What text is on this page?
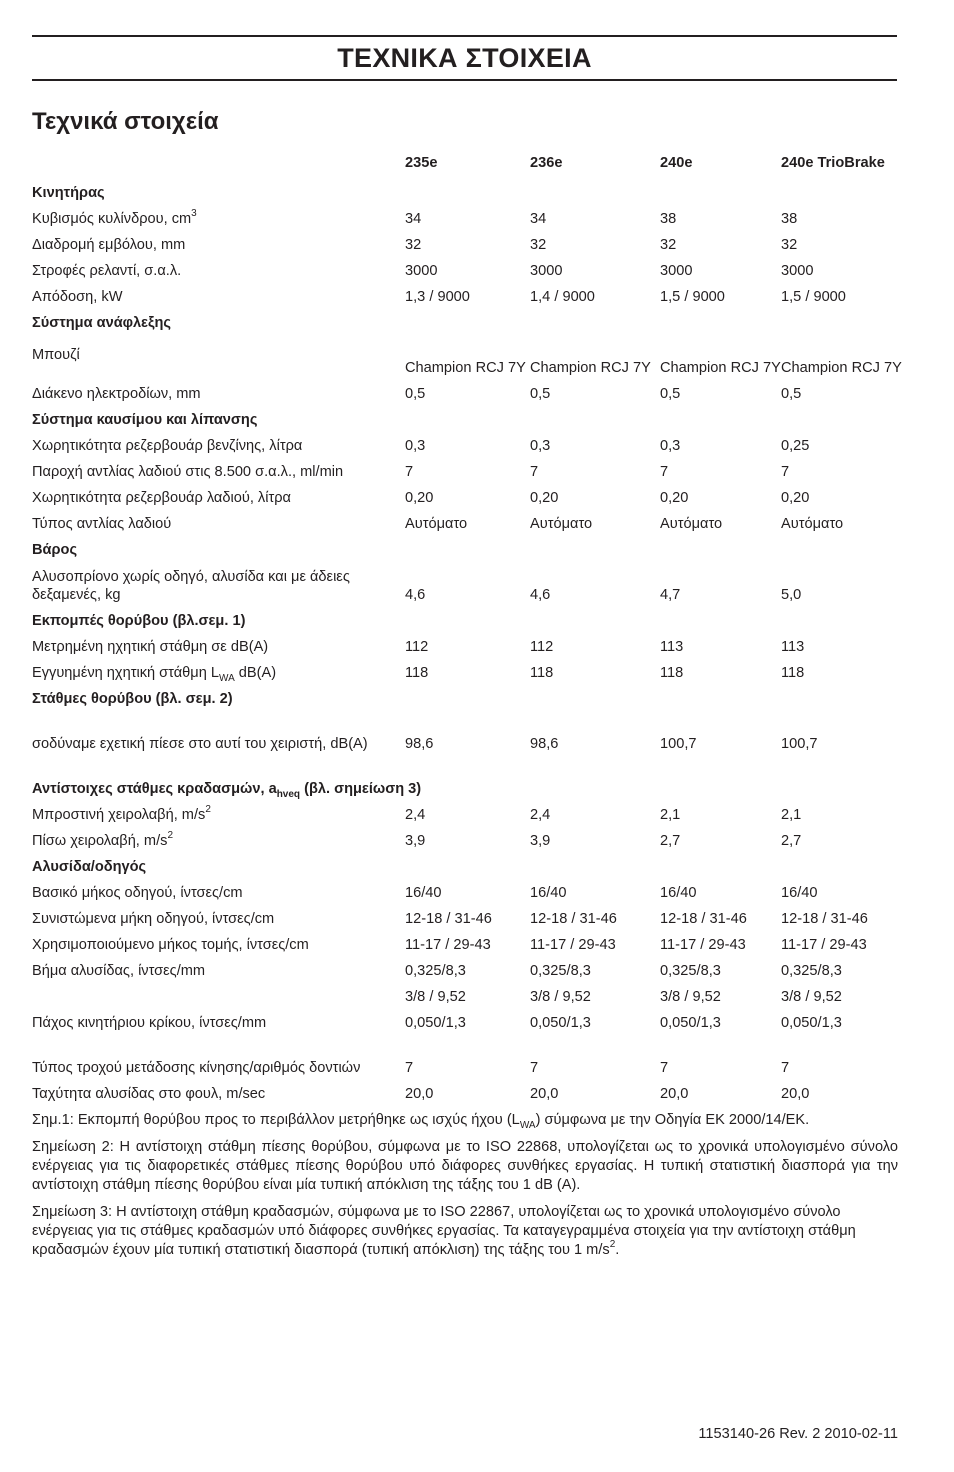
ΤΕΧΝΙΚΑ ΣΤΟΙΧΕΙΑ
Τεχνικά στοιχεία
	235e	236e	240e	240e TrioBrake
Κινητήρας				
Κυβισμός κυλίνδρου, $cm^3$	34	34	38	38
Διαδρομή εμβόλου, mm	32	32	32	32
Στροφές ρελαντί, σ.α.λ.	3000	3000	3000	3000
Απόδοση, kW	1,3 / 9000	1,4 / 9000	1,5 / 9000	1,5 / 9000
Σύστημα ανάφλεξης				
Μπουζί	Champion RCJ 7Y	Champion RCJ 7Y	Champion RCJ 7Y	Champion RCJ 7Y
Διάκενο ηλεκτροδίων, mm	0,5	0,5	0,5	0,5
Σύστημα καυσίμου και λίπανσης				
Χωρητικότητα ρεζερβουάρ βενζίνης, λίτρα	0,3	0,3	0,3	0,25
Παροχή αντλίας λαδιού στις 8.500 σ.α.λ., ml/min	7	7	7	7
Χωρητικότητα ρεζερβουάρ λαδιού, λίτρα	0,20	0,20	0,20	0,20
Τύπος αντλίας λαδιού	Αυτόματο	Αυτόματο	Αυτόματο	Αυτόματο
Βάρος				
Αλυσοπρίονο χωρίς οδηγό, αλυσίδα και με άδειες δεξαμενές, kg	4,6	4,6	4,7	5,0
Εκπομπές θορύβου (βλ.σεμ. 1)				
Μετρημένη ηχητική στάθμη σε dB(A)	112	112	113	113
Εγγυημένη ηχητική στάθμη $L_{WA}$ dB(A)	118	118	118	118
Στάθμες θορύβου (βλ. σεμ. 2)				
σοδύναμε εχετική πίεσε στο αυτί του χειριστή, dB(A)	98,6	98,6	100,7	100,7
Αντίστοιχες στάθμες κραδασμών, $a_{hveq}$ (βλ. σημείωση 3)				
Μπροστινή χειρολαβή, $m/s^2$	2,4	2,4	2,1	2,1
Πίσω χειρολαβή, $m/s^2$	3,9	3,9	2,7	2,7
Αλυσίδα/οδηγός				
Βασικό μήκος οδηγού, ίντσες/cm	16/40	16/40	16/40	16/40
Συνιστώμενα μήκη οδηγού, ίντσες/cm	12-18 / 31-46	12-18 / 31-46	12-18 / 31-46	12-18 / 31-46
Χρησιμοποιούμενο μήκος τομής, ίντσες/cm	11-17 / 29-43	11-17 / 29-43	11-17 / 29-43	11-17 / 29-43
Βήμα αλυσίδας, ίντσες/mm	0,325/8,3	0,325/8,3	0,325/8,3	0,325/8,3
	3/8 / 9,52	3/8 / 9,52	3/8 / 9,52	3/8 / 9,52
Πάχος κινητήριου κρίκου, ίντσες/mm	0,050/1,3	0,050/1,3	0,050/1,3	0,050/1,3
Τύπος τροχού μετάδοσης κίνησης/αριθμός δοντιών	7	7	7	7
Ταχύτητα αλυσίδας στο φουλ, m/sec	20,0	20,0	20,0	20,0

Σημ.1: Εκπομπή θορύβου προς το περιβάλλον μετρήθηκε ως ισχύς ήχου $(L_{WA})$ σύμφωνα με την Οδηγία ΕΚ 2000/14/ΕΚ.

Σημείωση 2: Η αντίστοιχη στάθμη πίεσης θορύβου, σύμφωνα με το ISO 22868, υπολογίζεται ως το χρονικά υπολογισμένο σύνολο ενέργειας για τις διαφορετικές στάθμες πίεσης θορύβου υπό διάφορες συνθήκες εργασίας. Η τυπική στατιστική διασπορά για την αντίστοιχη στάθμη πίεσης θορύβου είναι μία τυπική απόκλιση της τάξης του 1 dB (A).

Σημείωση 3: Η αντίστοιχη στάθμη κραδασμών, σύμφωνα με το ISO 22867, υπολογίζεται ως το χρονικά υπολογισμένο σύνολο ενέργειας για τις στάθμες κραδασμών υπό διάφορες συνθήκες εργασίας. Τα καταγεγραμμένα στοιχεία για την αντίστοιχη στάθμη κραδασμών έχουν μία τυπική στατιστική διασπορά (τυπική απόκλιση) της τάξης του 1 $m/s^2$.

1153140-26 Rev. 2 2010-02-11
